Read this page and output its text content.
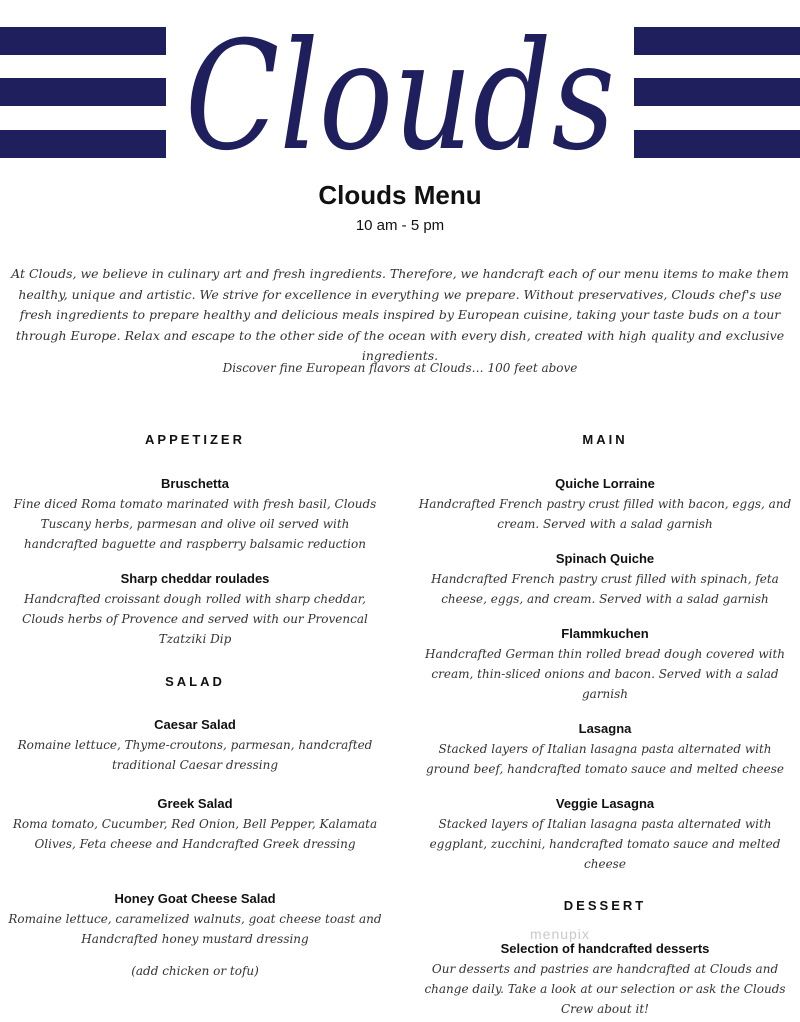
Clouds
Clouds Menu
10 am - 5 pm
At Clouds, we believe in culinary art and fresh ingredients. Therefore, we handcraft each of our menu items to make them healthy, unique and artistic. We strive for excellence in everything we prepare. Without preservatives, Clouds chef's use fresh ingredients to prepare healthy and delicious meals inspired by European cuisine, taking your taste buds on a tour through Europe. Relax and escape to the other side of the ocean with every dish, created with high quality and exclusive ingredients.
Discover fine European flavors at Clouds… 100 feet above
APPETIZER
Bruschetta
Fine diced Roma tomato marinated with fresh basil, Clouds Tuscany herbs, parmesan and olive oil served with handcrafted baguette and raspberry balsamic reduction
Sharp cheddar roulades
Handcrafted croissant dough rolled with sharp cheddar, Clouds herbs of Provence and served with our Provencal Tzatziki Dip
SALAD
Caesar Salad
Romaine lettuce, Thyme-croutons, parmesan, handcrafted traditional Caesar dressing
Greek Salad
Roma tomato, Cucumber, Red Onion, Bell Pepper, Kalamata Olives, Feta cheese and Handcrafted Greek dressing
Honey Goat Cheese Salad
Romaine lettuce, caramelized walnuts, goat cheese toast and Handcrafted honey mustard dressing
(add chicken or tofu)
MAIN
Quiche Lorraine
Handcrafted French pastry crust filled with bacon, eggs, and cream. Served with a salad garnish
Spinach Quiche
Handcrafted French pastry crust filled with spinach, feta cheese, eggs, and cream. Served with a salad garnish
Flammkuchen
Handcrafted German thin rolled bread dough covered with cream, thin-sliced onions and bacon. Served with a salad garnish
Lasagna
Stacked layers of Italian lasagna pasta alternated with ground beef, handcrafted tomato sauce and melted cheese
Veggie Lasagna
Stacked layers of Italian lasagna pasta alternated with eggplant, zucchini, handcrafted tomato sauce and melted cheese
DESSERT
Selection of handcrafted desserts
Our desserts and pastries are handcrafted at Clouds and change daily. Take a look at our selection or ask the Clouds Crew about it!
menupix
